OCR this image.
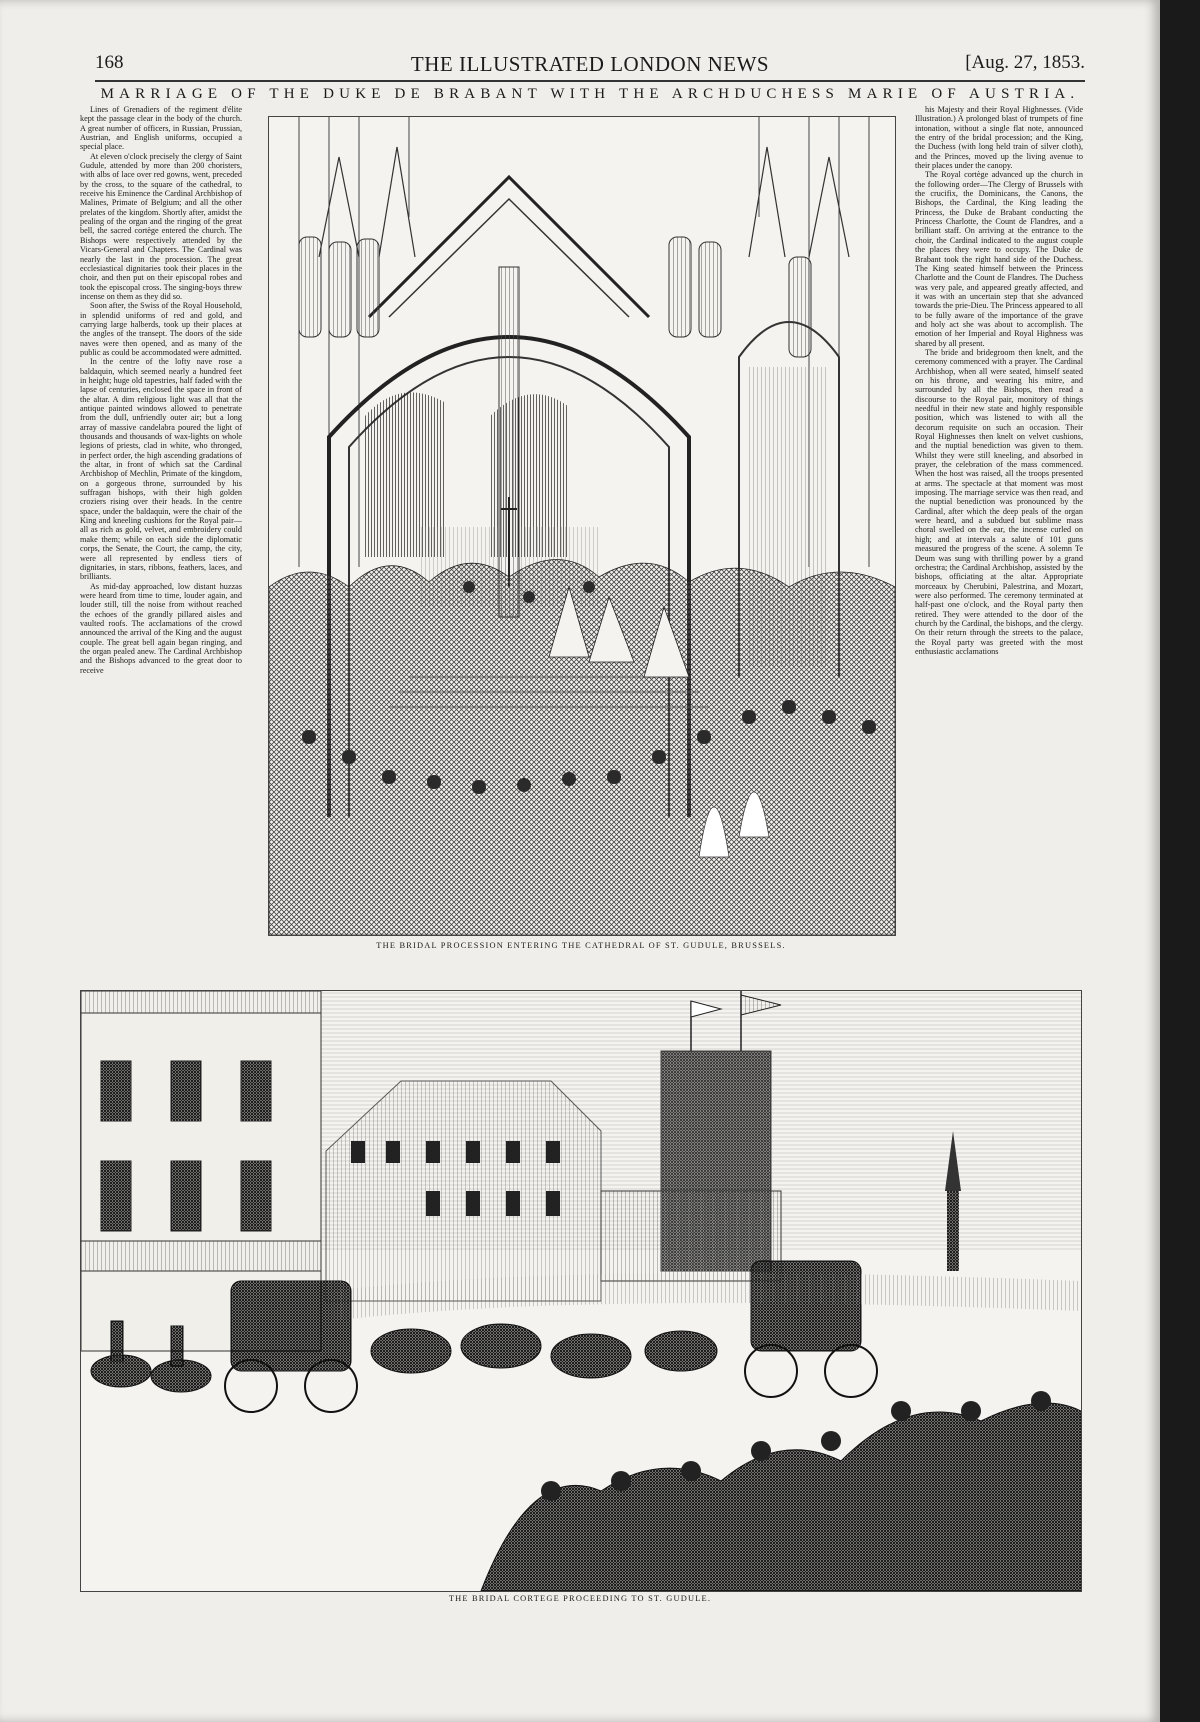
168	THE ILLUSTRATED LONDON NEWS	[Aug. 27, 1853.
MARRIAGE OF THE DUKE DE BRABANT WITH THE ARCHDUCHESS MARIE OF AUSTRIA.

Lines of Grenadiers of the regiment d'élite kept the passage clear in the body of the church. A great number of officers, in Russian, Prussian, Austrian, and English uniforms, occupied a special place.

At eleven o'clock precisely the clergy of Saint Gudule, attended by more than 200 choristers, with albs of lace over red gowns, went, preceded by the cross, to the square of the cathedral, to receive his Eminence the Cardinal Archbishop of Malines, Primate of Belgium; and all the other prelates of the kingdom. Shortly after, amidst the pealing of the organ and the ringing of the great bell, the sacred cortège entered the church. The Bishops were respectively attended by the Vicars-General and Chapters. The Cardinal was nearly the last in the procession. The great ecclesiastical dignitaries took their places in the choir, and then put on their episcopal robes and took the episcopal cross. The singing-boys threw incense on them as they did so.

Soon after, the Swiss of the Royal Household, in splendid uniforms of red and gold, and carrying large halberds, took up their places at the angles of the transept. The doors of the side naves were then opened, and as many of the public as could be accommodated were admitted.

In the centre of the lofty nave rose a baldaquin, which seemed nearly a hundred feet in height; huge old tapestries, half faded with the lapse of centuries, enclosed the space in front of the altar. A dim religious light was all that the antique painted windows allowed to penetrate from the dull, unfriendly outer air; but a long array of massive candelabra poured the light of thousands and thousands of wax-lights on whole legions of priests, clad in white, who thronged, in perfect order, the high ascending gradations of the altar, in front of which sat the Cardinal Archbishop of Mechlin, Primate of the kingdom, on a gorgeous throne, surrounded by his suffragan bishops, with their high golden croziers rising over their heads. In the centre space, under the baldaquin, were the chair of the King and kneeling cushions for the Royal pair—all as rich as gold, velvet, and embroidery could make them; while on each side the diplomatic corps, the Senate, the Court, the camp, the city, were all represented by endless tiers of dignitaries, in stars, ribbons, feathers, laces, and brilliants.

As mid-day approached, low distant huzzas were heard from time to time, louder again, and louder still, till the noise from without reached the echoes of the grandly pillared aisles and vaulted roofs. The acclamations of the crowd announced the arrival of the King and the august couple. The great bell again began ringing, and the organ pealed anew. The Cardinal Archbishop and the Bishops advanced to the great door to receive

THE BRIDAL PROCESSION ENTERING THE CATHEDRAL OF ST. GUDULE, BRUSSELS.

his Majesty and their Royal Highnesses. (Vide Illustration.) A prolonged blast of trumpets of fine intonation, without a single flat note, announced the entry of the bridal procession; and the King, the Duchess (with long held train of silver cloth), and the Princes, moved up the living avenue to their places under the canopy.

The Royal cortège advanced up the church in the following order—The Clergy of Brussels with the crucifix, the Dominicans, the Canons, the Bishops, the Cardinal, the King leading the Princess, the Duke de Brabant conducting the Princess Charlotte, the Count de Flandres, and a brilliant staff. On arriving at the entrance to the choir, the Cardinal indicated to the august couple the places they were to occupy. The Duke de Brabant took the right hand side of the Duchess. The King seated himself between the Princess Charlotte and the Count de Flandres. The Duchess was very pale, and appeared greatly affected, and it was with an uncertain step that she advanced towards the prie-Dieu. The Princess appeared to all to be fully aware of the importance of the grave and holy act she was about to accomplish. The emotion of her Imperial and Royal Highness was shared by all present.

The bride and bridegroom then knelt, and the ceremony commenced with a prayer. The Cardinal Archbishop, when all were seated, himself seated on his throne, and wearing his mitre, and surrounded by all the Bishops, then read a discourse to the Royal pair, monitory of things needful in their new state and highly responsible position, which was listened to with all the decorum requisite on such an occasion. Their Royal Highnesses then knelt on velvet cushions, and the nuptial benediction was given to them. Whilst they were still kneeling, and absorbed in prayer, the celebration of the mass commenced. When the host was raised, all the troops presented at arms. The spectacle at that moment was most imposing. The marriage service was then read, and the nuptial benediction was pronounced by the Cardinal, after which the deep peals of the organ were heard, and a subdued but sublime mass choral swelled on the ear, the incense curled on high; and at intervals a salute of 101 guns measured the progress of the scene. A solemn Te Deum was sung with thrilling power by a grand orchestra; the Cardinal Archbishop, assisted by the bishops, officiating at the altar. Appropriate morceaux by Cherubini, Palestrina, and Mozart, were also performed. The ceremony terminated at half-past one o'clock, and the Royal party then retired. They were attended to the door of the church by the Cardinal, the bishops, and the clergy. On their return through the streets to the palace, the Royal party was greeted with the most enthusiastic acclamations

THE BRIDAL CORTEGE PROCEEDING TO ST. GUDULE.
